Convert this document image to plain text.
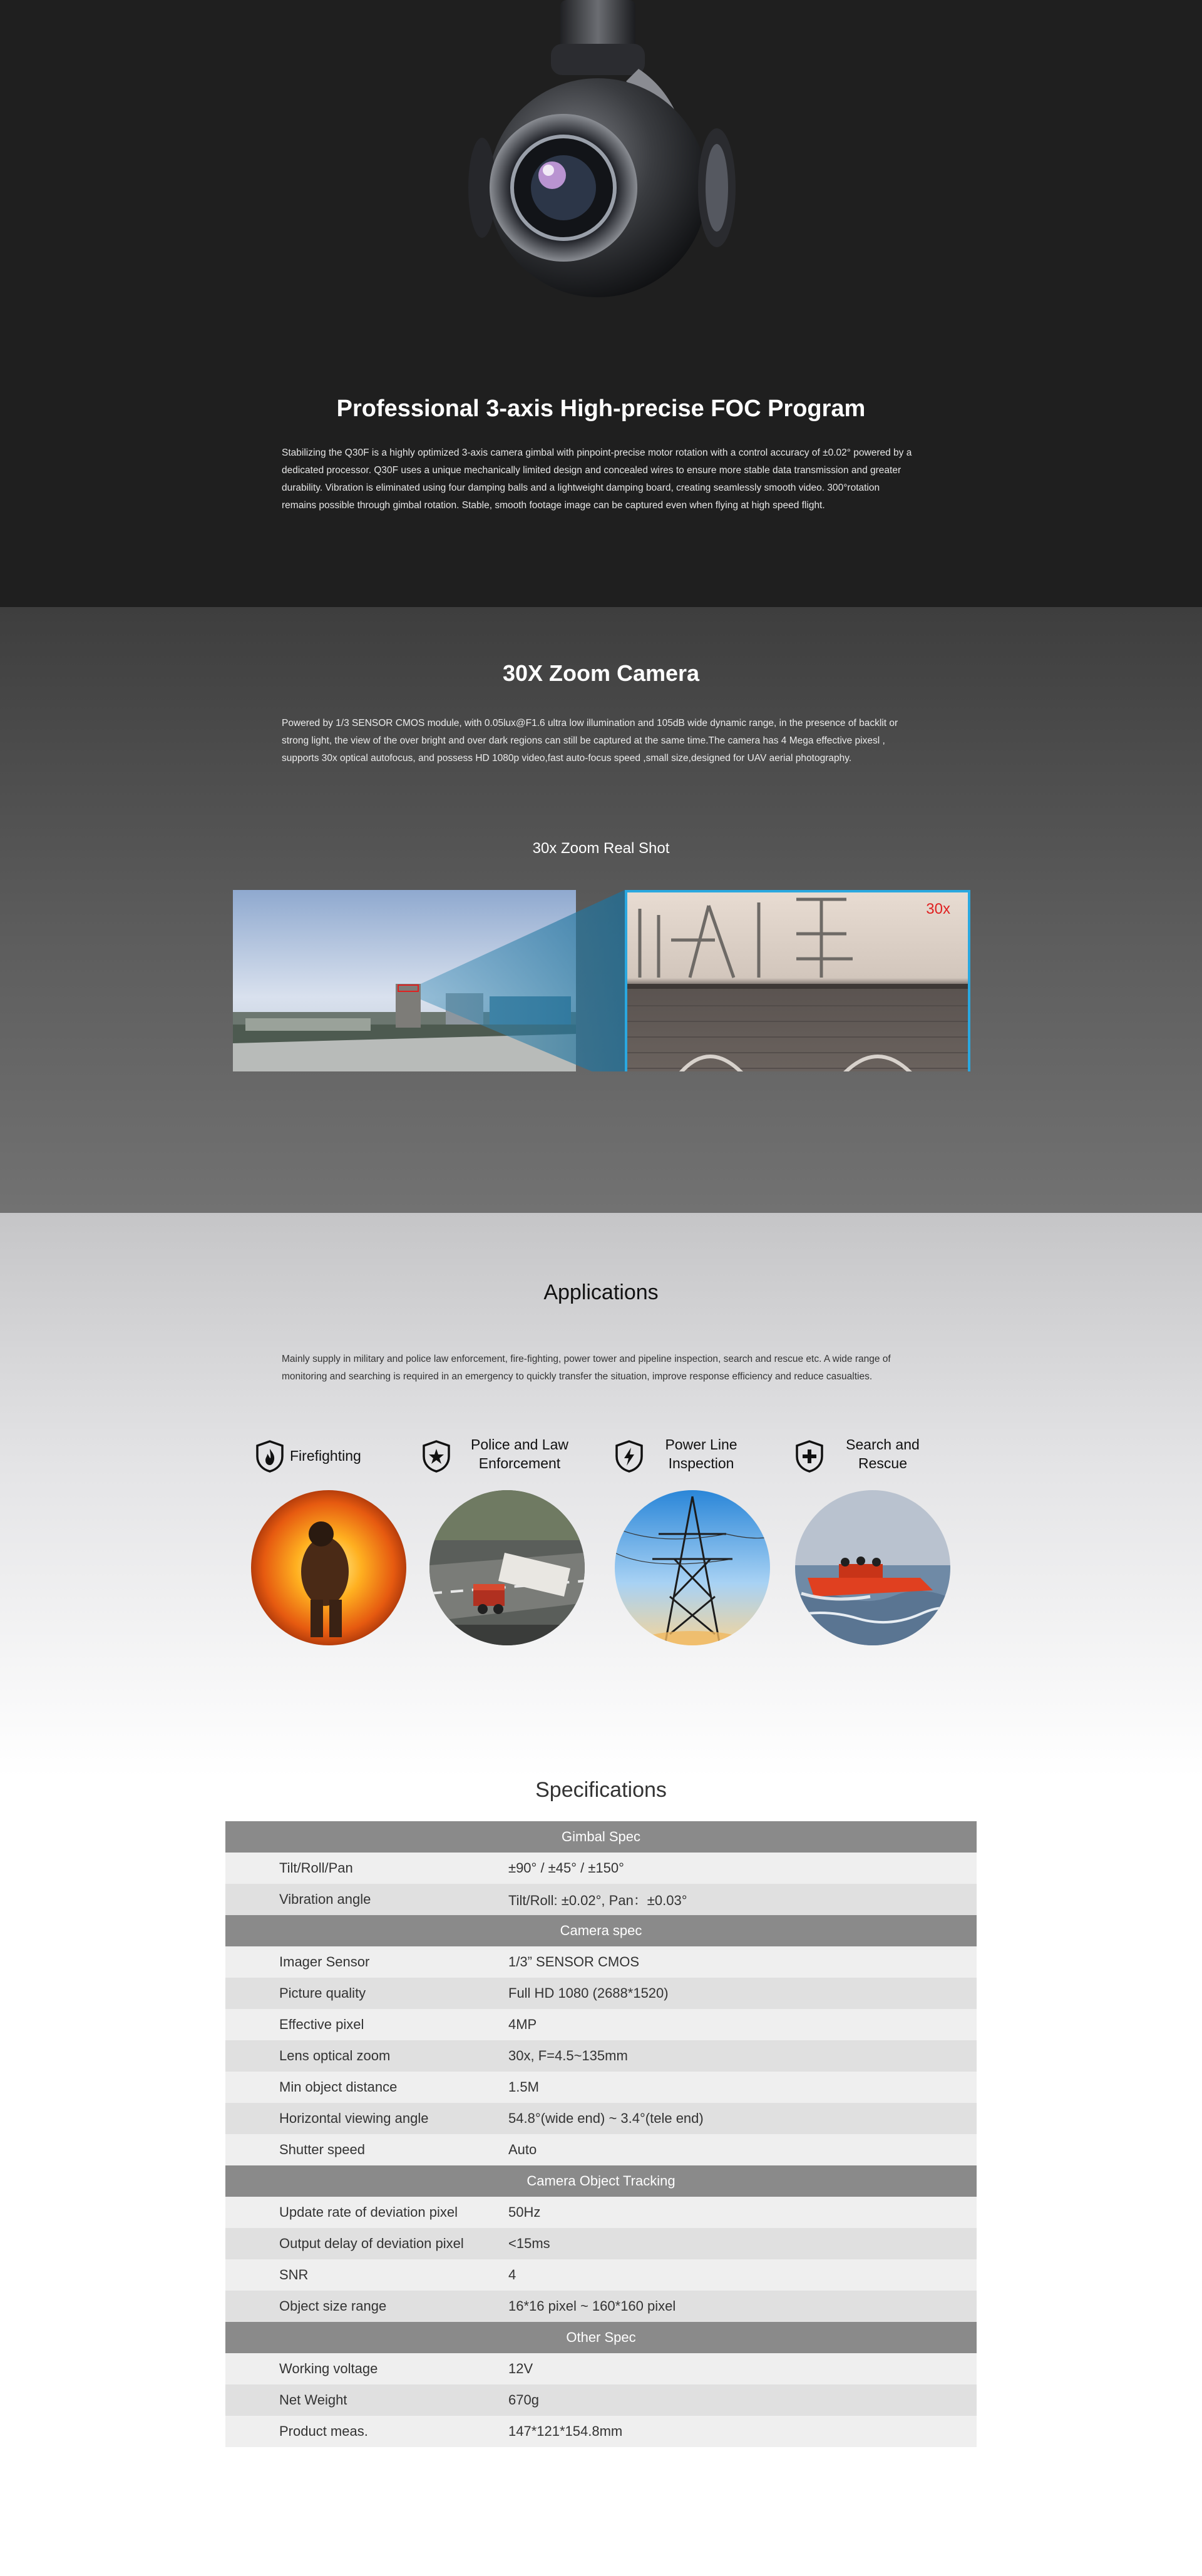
Professional 3-axis High-precise FOC Program
Stabilizing the Q30F is a highly optimized 3-axis camera gimbal with pinpoint-precise motor rotation with a control accuracy of ±0.02° powered by a dedicated processor. Q30F uses a unique mechanically limited design and concealed wires to ensure more stable data transmission and greater durability. Vibration is eliminated using four damping balls and a lightweight damping board, creating seamlessly smooth video. 300°rotation remains possible through gimbal rotation. Stable, smooth footage image can be captured even when flying at high speed flight.
30X Zoom Camera
Powered by 1/3 SENSOR CMOS module, with 0.05lux@F1.6 ultra low illumination and 105dB wide dynamic range, in the presence of backlit or strong light, the view of the over bright and over dark regions can still be captured at the same time.The camera has 4 Mega effective pixesl , supports 30x optical autofocus, and possess HD 1080p video,fast auto-focus speed ,small size,designed for UAV aerial photography.
30x Zoom Real Shot
30x
Applications
Mainly supply in military and police law enforcement, fire-fighting, power tower and pipeline inspection, search and rescue etc. A wide range of monitoring and searching is required in an emergency to quickly transfer the situation, improve response efficiency and reduce casualties.
Firefighting
Police and Law
Enforcement
Power Line
Inspection
Search and
Rescue
Specifications
Gimbal Spec
Tilt/Roll/Pan	±90° / ±45° / ±150°
Vibration angle	Tilt/Roll: ±0.02°, Pan：±0.03°
Camera spec
Imager Sensor	1/3” SENSOR CMOS
Picture quality	Full HD 1080 (2688*1520)
Effective pixel	4MP
Lens optical zoom	30x, F=4.5~135mm
Min object distance	1.5M
Horizontal viewing angle	54.8°(wide end) ~ 3.4°(tele end)
Shutter speed	Auto
Camera Object Tracking
Update rate of deviation pixel	50Hz
Output delay of deviation pixel	<15ms
SNR	4
Object size range	16*16 pixel ~ 160*160 pixel
Other Spec
Working voltage	12V
Net Weight	670g
Product meas.	147*121*154.8mm
